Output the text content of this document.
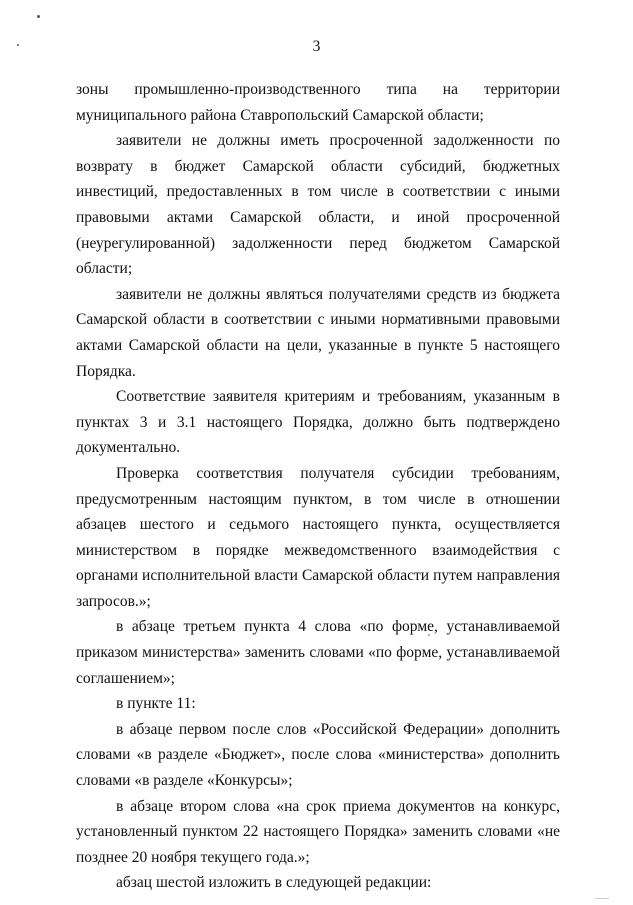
3

зоны промышленно-производственного типа на территории муниципального района Ставропольский Самарской области;

заявители не должны иметь просроченной задолженности по возврату в бюджет Самарской области субсидий, бюджетных инвестиций, предоставленных в том числе в соответствии с иными правовыми актами Самарской области, и иной просроченной (неурегулированной) задолженности перед бюджетом Самарской области;

заявители не должны являться получателями средств из бюджета Самарской области в соответствии с иными нормативными правовыми актами Самарской области на цели, указанные в пункте 5 настоящего Порядка.

Соответствие заявителя критериям и требованиям, указанным в пунктах 3 и 3.1 настоящего Порядка, должно быть подтверждено документально.

Проверка соответствия получателя субсидии требованиям, предусмотренным настоящим пунктом, в том числе в отношении абзацев шестого и седьмого настоящего пункта, осуществляется министерством в порядке межведомственного взаимодействия с органами исполнительной власти Самарской области путем направления запросов.»;

в абзаце третьем пункта 4 слова «по форме, устанавливаемой приказом министерства» заменить словами «по форме, устанавливаемой соглашением»;

в пункте 11:

в абзаце первом после слов «Российской Федерации» дополнить словами «в разделе «Бюджет», после слова «министерства» дополнить словами «в разделе «Конкурсы»;

в абзаце втором слова «на срок приема документов на конкурс, установленный пунктом 22 настоящего Порядка» заменить словами «не позднее 20 ноября текущего года.»;

абзац шестой изложить в следующей редакции:
